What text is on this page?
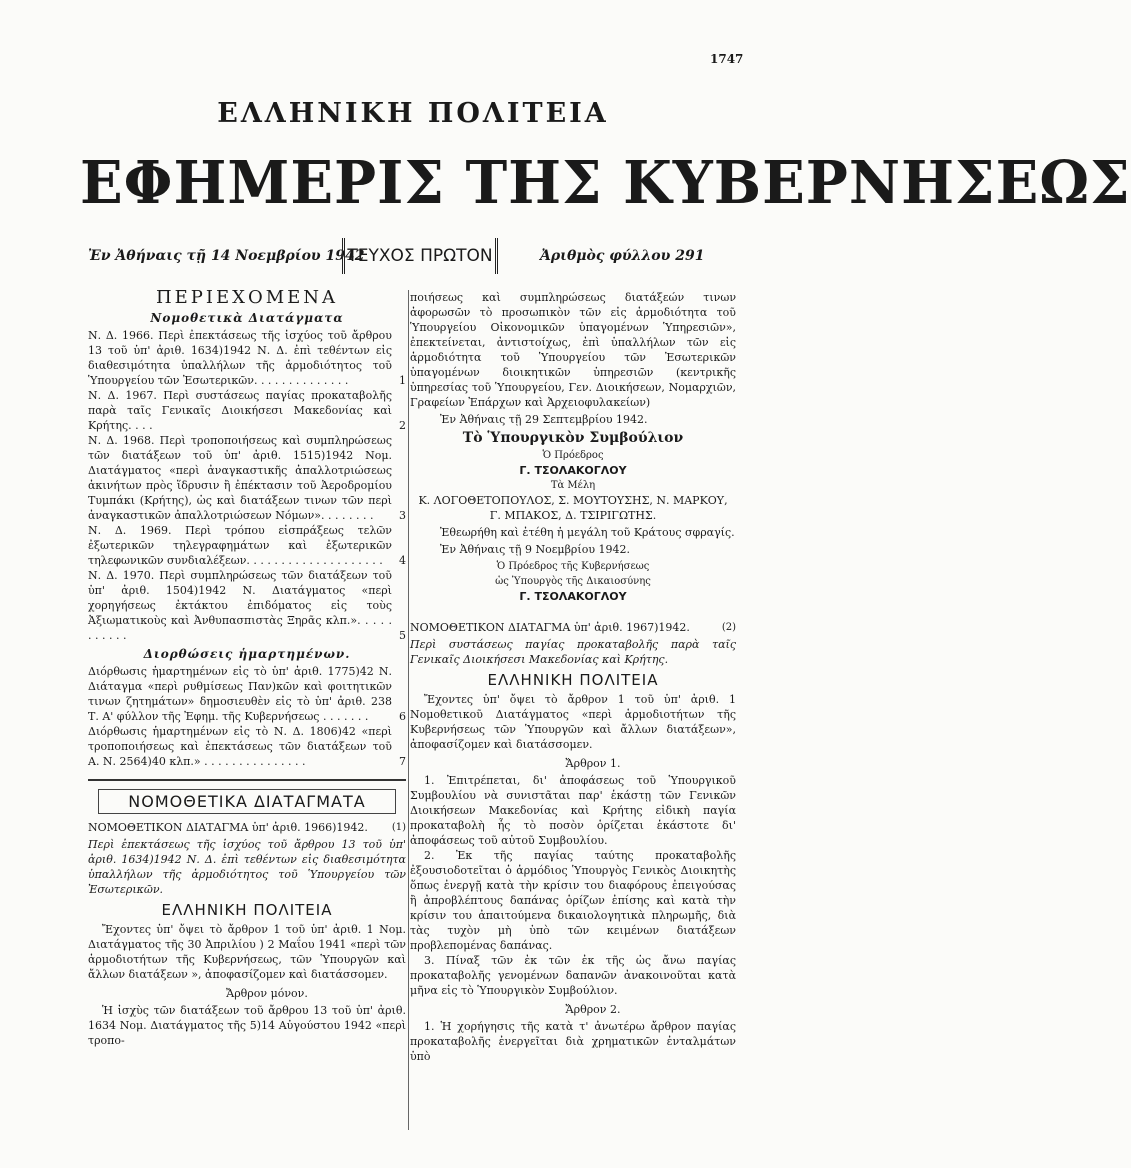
1747
ΕΛΛΗΝΙΚΗ ΠΟΛΙΤΕΙΑ
ΕΦΗΜΕΡΙΣ ΤΗΣ ΚΥΒΕΡΝΗΣΕΩΣ
Ἐν Ἀθήναις τῇ 14 Νοεμβρίου 1942
ΤΕΥΧΟΣ ΠΡΩΤΟΝ	Ἀριθμὸς φύλλου 291
ΠΕΡΙΕΧΟΜΕΝΑ
Νομοθετικὰ Διατάγματα
Ν. Δ. 1966. Περὶ ἐπεκτάσεως τῆς ἰσχύος τοῦ ἄρθρου 13 τοῦ ὑπ' ἀριθ. 1634)1942 Ν. Δ. ἐπὶ τεθέντων εἰς διαθεσιμότητα ὑπαλλήλων τῆς ἁρμοδιότητος τοῦ Ὑπουργείου τῶν Ἐσωτερικῶν. . . . . . . . . . . . . .	1
Ν. Δ. 1967. Περὶ συστάσεως παγίας προκαταβολῆς παρὰ ταῖς Γενικαῖς Διοικήσεσι Μακεδονίας καὶ Κρήτης. . . .	2
Ν. Δ. 1968. Περὶ τροποποιήσεως καὶ συμπληρώσεως τῶν διατάξεων τοῦ ὑπ' ἀριθ. 1515)1942 Νομ. Διατάγματος «περὶ ἀναγκαστικῆς ἀπαλλοτριώσεως ἀκινήτων πρὸς ἵδρυσιν ἢ ἐπέκτασιν τοῦ Ἀεροδρομίου Τυμπάκι (Κρήτης), ὡς καὶ διατάξεων τινων τῶν περὶ ἀναγκαστικῶν ἀπαλλοτριώσεων Νόμων». . . . . . . .	3
Ν. Δ. 1969. Περὶ τρόπου εἰσπράξεως τελῶν ἐξωτερικῶν τηλεγραφημάτων καὶ ἐξωτερικῶν τηλεφωνικῶν συνδιαλέξεων. . . . . . . . . . . . . . . . . . . .	4
Ν. Δ. 1970. Περὶ συμπληρώσεως τῶν διατάξεων τοῦ ὑπ' ἀριθ. 1504)1942 Ν. Διατάγματος «περὶ χορηγήσεως ἐκτάκτου ἐπιδόματος εἰς τοὺς Ἀξιωματικοὺς καὶ Ἀνθυπασπιστὰς Ξηρᾶς κλπ.». . . . . . . . . . .	5
Διορθώσεις ἡμαρτημένων.
Διόρθωσις ἡμαρτημένων εἰς τὸ ὑπ' ἀριθ. 1775)42 Ν. Διάταγμα «περὶ ρυθμίσεως Παν)κῶν καὶ φοιτητικῶν τινων ζητημάτων» δημοσιευθὲν εἰς τὸ ὑπ' ἀριθ. 238 Τ. Α' φύλλον τῆς Ἐφημ. τῆς Κυβερνήσεως . . . . . . .	6
Διόρθωσις ἡμαρτημένων εἰς τὸ Ν. Δ. 1806)42 «περὶ τροποποιήσεως καὶ ἐπεκτάσεως τῶν διατάξεων τοῦ Α. Ν. 2564)40 κλπ.» . . . . . . . . . . . . . . .	7
ΝΟΜΟΘΕΤΙΚΑ ΔΙΑΤΑΓΜΑΤΑ
ΝΟΜΟΘΕΤΙΚΟΝ ΔΙΑΤΑΓΜΑ ὑπ' ἀριθ. 1966)1942. (1)
Περὶ ἐπεκτάσεως τῆς ἰσχύος τοῦ ἄρθρου 13 τοῦ ὑπ' ἀριθ. 1634)1942 Ν. Δ. ἐπὶ τεθέντων εἰς διαθεσιμότητα ὑπαλλήλων τῆς ἁρμοδιότητος τοῦ Ὑπουργείου τῶν Ἐσωτερικῶν.
ΕΛΛΗΝΙΚΗ ΠΟΛΙΤΕΙΑ

Ἔχοντες ὑπ' ὄψει τὸ ἄρθρον 1 τοῦ ὑπ' ἀριθ. 1 Νομ. Διατάγματος τῆς 30 Ἀπριλίου ) 2 Μαΐου 1941 «περὶ τῶν ἁρμοδιοτήτων τῆς Κυβερνήσεως, τῶν Ὑπουργῶν καὶ ἄλλων διατάξεων », ἀποφασίζομεν καὶ διατάσσομεν.

Ἄρθρον μόνον.

Ἡ ἰσχὺς τῶν διατάξεων τοῦ ἄρθρου 13 τοῦ ὑπ' ἀριθ. 1634 Νομ. Διατάγματος τῆς 5)14 Αὐγούστου 1942 «περὶ τροπο-

ποιήσεως καὶ συμπληρώσεως διατάξεών τινων ἀφορωσῶν τὸ προσωπικὸν τῶν εἰς ἁρμοδιότητα τοῦ Ὑπουργείου Οἰκονομικῶν ὑπαγομένων Ὑπηρεσιῶν», ἐπεκτείνεται, ἀντιστοίχως, ἐπὶ ὑπαλλήλων τῶν εἰς ἁρμοδιότητα τοῦ Ὑπουργείου τῶν Ἐσωτερικῶν ὑπαγομένων διοικητικῶν ὑπηρεσιῶν (κεντρικῆς ὑπηρεσίας τοῦ Ὑπουργείου, Γεν. Διοικήσεων, Νομαρχιῶν, Γραφείων Ἐπάρχων καὶ Ἀρχειοφυλακείων)

Ἐν Ἀθήναις τῇ 29 Σεπτεμβρίου 1942.

Τὸ Ὑπουργικὸν Συμβούλιον
Ὁ Πρόεδρος
Γ. ΤΣΟΛΑΚΟΓΛΟΥ
Τὰ Μέλη
Κ. ΛΟΓΟΘΕΤΟΠΟΥΛΟΣ, Σ. ΜΟΥΤΟΥΣΗΣ, Ν. ΜΑΡΚΟΥ,
Γ. ΜΠΑΚΟΣ, Δ. ΤΣΙΡΙΓΩΤΗΣ.

Ἐθεωρήθη καὶ ἐτέθη ἡ μεγάλη τοῦ Κράτους σφραγίς.

Ἐν Ἀθήναις τῇ 9 Νοεμβρίου 1942.

Ὁ Πρόεδρος τῆς Κυβερνήσεως
ὡς Ὑπουργὸς τῆς Δικαιοσύνης
Γ. ΤΣΟΛΑΚΟΓΛΟΥ
ΝΟΜΟΘΕΤΙΚΟΝ ΔΙΑΤΑΓΜΑ ὑπ' ἀριθ. 1967)1942.	(2)
Περὶ συστάσεως παγίας προκαταβολῆς παρὰ ταῖς Γενικαῖς Διοικήσεσι Μακεδονίας καὶ Κρήτης.
ΕΛΛΗΝΙΚΗ ΠΟΛΙΤΕΙΑ

Ἔχοντες ὑπ' ὄψει τὸ ἄρθρον 1 τοῦ ὑπ' ἀριθ. 1 Νομοθετικοῦ Διατάγματος «περὶ ἁρμοδιοτήτων τῆς Κυβερνήσεως τῶν Ὑπουργῶν καὶ ἄλλων διατάξεων», ἀποφασίζομεν καὶ διατάσσομεν.

Ἄρθρον 1.

1. Ἐπιτρέπεται, δι' ἀποφάσεως τοῦ Ὑπουργικοῦ Συμβουλίου νὰ συνιστᾶται παρ' ἑκάστῃ τῶν Γενικῶν Διοικήσεων Μακεδονίας καὶ Κρήτης εἰδικὴ παγία προκαταβολὴ ἧς τὸ ποσὸν ὁρίζεται ἑκάστοτε δι' ἀποφάσεως τοῦ αὐτοῦ Συμβουλίου.

2. Ἐκ τῆς παγίας ταύτης προκαταβολῆς ἐξουσιοδοτεῖται ὁ ἁρμόδιος Ὑπουργὸς Γενικὸς Διοικητὴς ὅπως ἐνεργῇ κατὰ τὴν κρίσιν του διαφόρους ἐπειγούσας ἢ ἀπροβλέπτους δαπάνας ὁρίζων ἐπίσης καὶ κατὰ τὴν κρίσιν του ἀπαιτούμενα δικαιολογητικὰ πληρωμῆς, διὰ τὰς τυχὸν μὴ ὑπὸ τῶν κειμένων διατάξεων προβλεπομένας δαπάνας.

3. Πίναξ τῶν ἐκ τῶν ἐκ τῆς ὡς ἄνω παγίας προκαταβολῆς γενομένων δαπανῶν ἀνακοινοῦται κατὰ μῆνα εἰς τὸ Ὑπουργικὸν Συμβούλιον.

Ἄρθρον 2.

1. Ἡ χορήγησις τῆς κατὰ τ' ἀνωτέρω ἄρθρον παγίας προκαταβολῆς ἐνεργεῖται διὰ χρηματικῶν ἐνταλμάτων ὑπὸ
